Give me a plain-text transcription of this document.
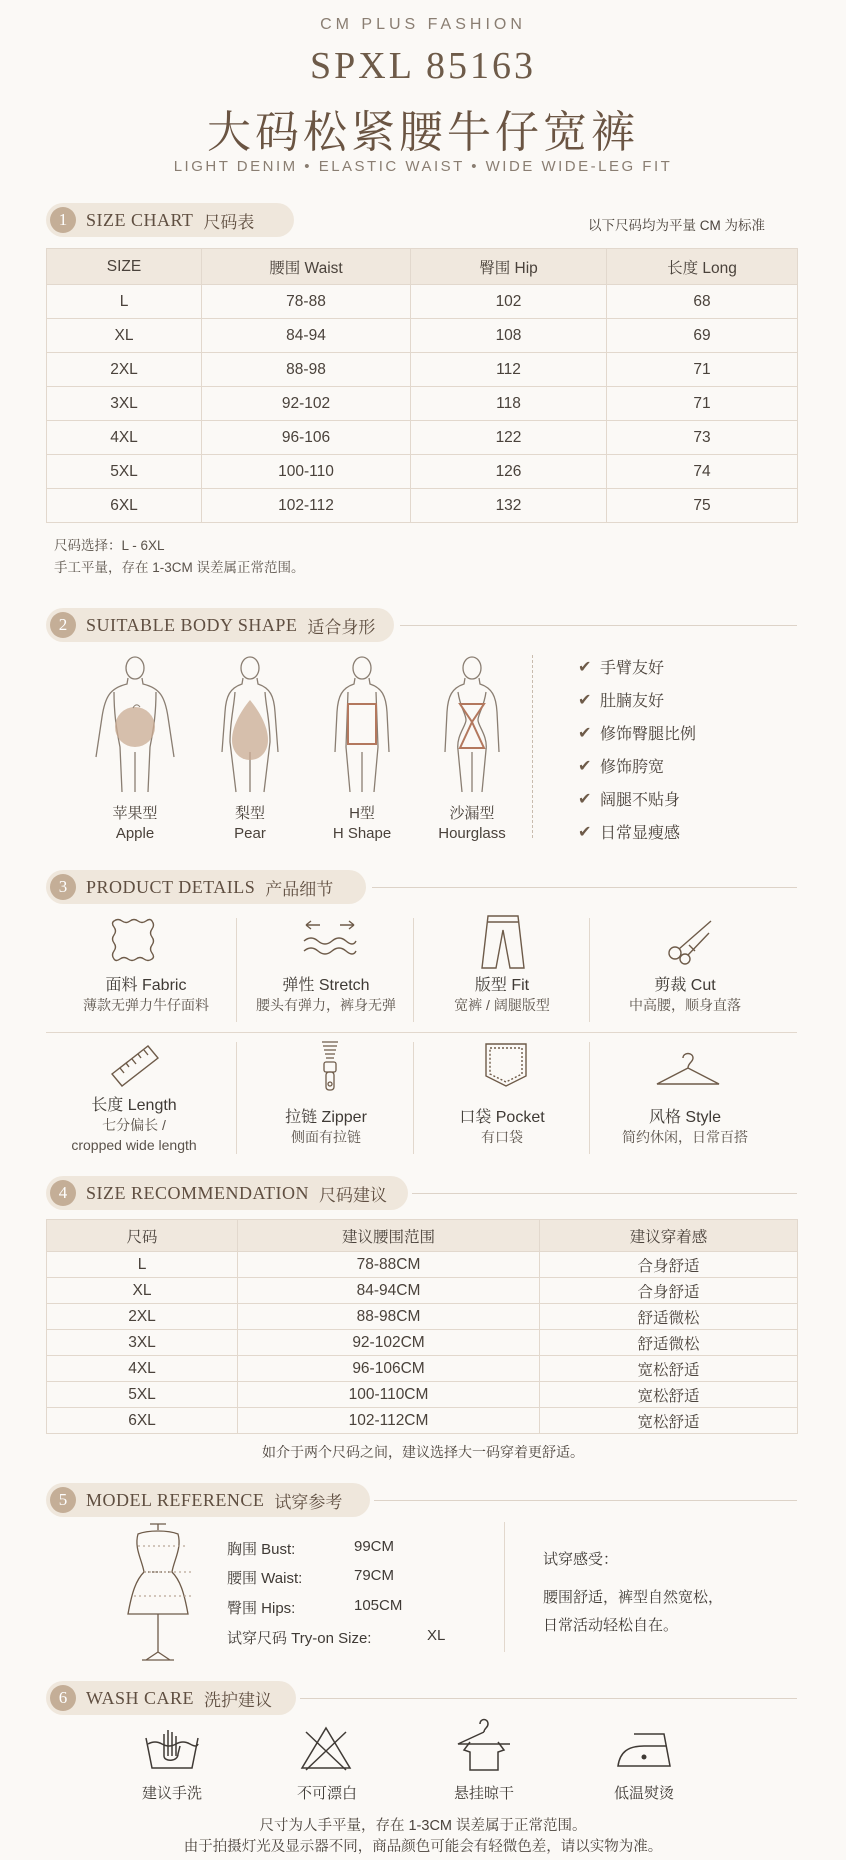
CM PLUS FASHION
SPXL 85163
大码松紧腰牛仔宽裤
LIGHT DENIM • ELASTIC WAIST • WIDE WIDE-LEG FIT
1	SIZE CHART 尺码表	以下尺码均为平量 CM 为标准
SIZE	腰围 Waist	臀围 Hip	长度 Long
L	78-88	102	68
XL	84-94	108	69
2XL	88-98	112	71
3XL	92-102	118	71
4XL	96-106	122	73
5XL	100-110	126	74
6XL	102-112	132	75
尺码选择：L - 6XL
手工平量，存在 1-3CM 误差属正常范围。
2	SUITABLE BODY SHAPE 适合身形
苹果型
Apple
梨型
Pear
H型
H Shape
沙漏型
Hourglass
✔ 手臂友好
✔ 肚腩友好
✔ 修饰臀腿比例
✔ 修饰胯宽
✔ 阔腿不贴身
✔ 日常显瘦感
3	PRODUCT DETAILS 产品细节
面料 Fabric
薄款无弹力牛仔面料
弹性 Stretch
腰头有弹力，裤身无弹
版型 Fit
宽裤 / 阔腿版型
剪裁 Cut
中高腰，顺身直落
长度 Length
七分偏长 /
cropped wide length
拉链 Zipper
侧面有拉链
口袋 Pocket
有口袋
风格 Style
简约休闲，日常百搭
4	SIZE RECOMMENDATION 尺码建议
尺码	建议腰围范围	建议穿着感
L	78-88CM	合身舒适
XL	84-94CM	合身舒适
2XL	88-98CM	舒适微松
3XL	92-102CM	舒适微松
4XL	96-106CM	宽松舒适
5XL	100-110CM	宽松舒适
6XL	102-112CM	宽松舒适
如介于两个尺码之间，建议选择大一码穿着更舒适。
5	MODEL REFERENCE 试穿参考
胸围 Bust:	99CM
腰围 Waist:	79CM
臀围 Hips:	105CM
试穿尺码 Try-on Size:	XL
试穿感受：
腰围舒适，裤型自然宽松，
日常活动轻松自在。
6	WASH CARE 洗护建议
建议手洗	不可漂白	悬挂晾干	低温熨烫
尺寸为人手平量，存在 1-3CM 误差属于正常范围。
由于拍摄灯光及显示器不同，商品颜色可能会有轻微色差，请以实物为准。
